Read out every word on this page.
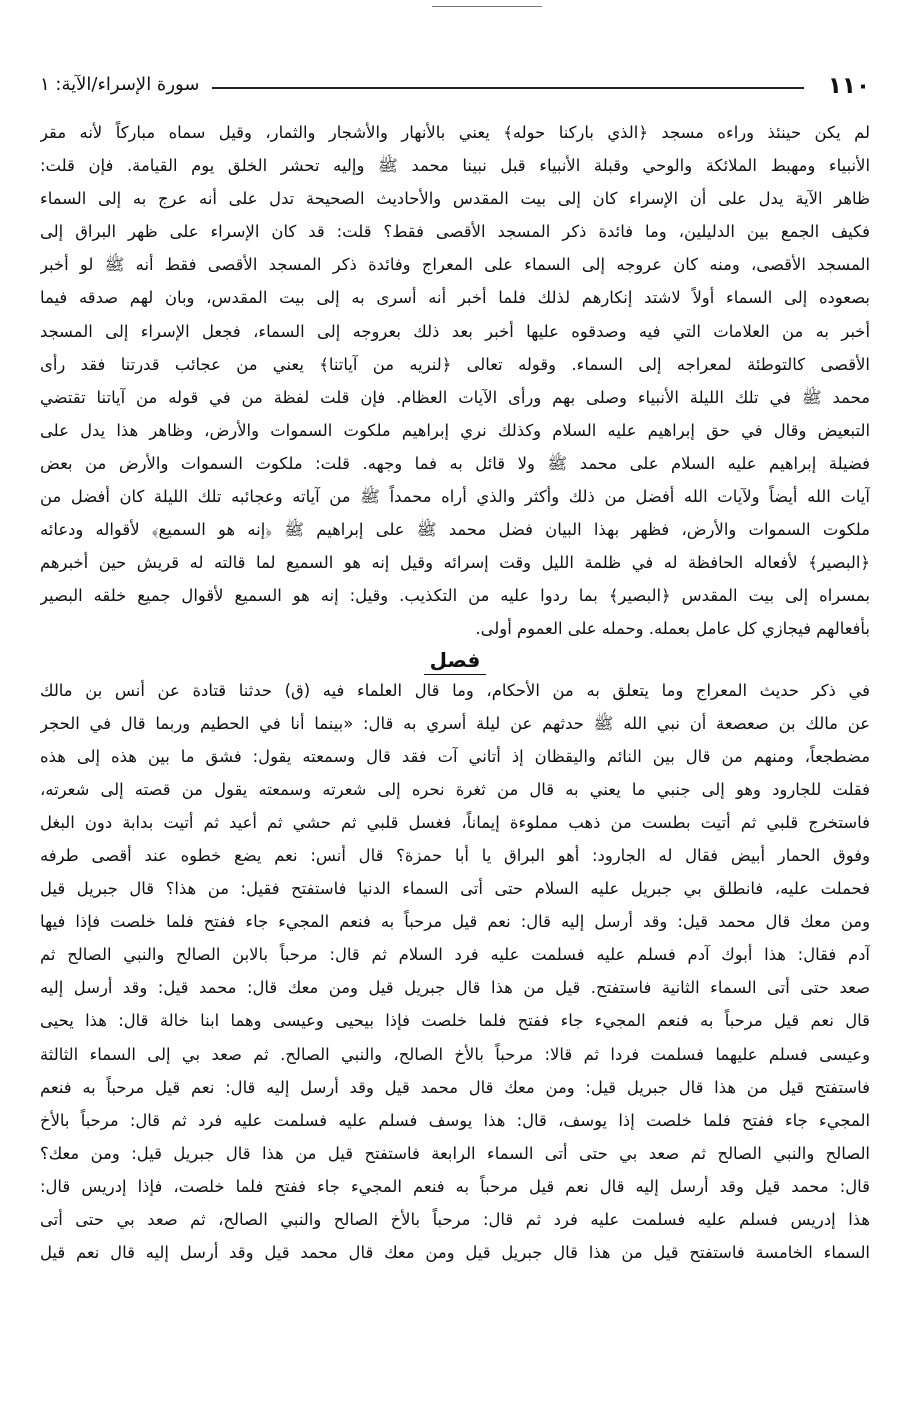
١١٠
سورة الإسراء/الآية: ١
لم يكن حينئذ وراءه مسجد ﴿الذي باركنا حوله﴾ يعني بالأنهار والأشجار والثمار، وقيل سماه مباركاً لأنه مقر
الأنبياء ومهبط الملائكة والوحي وقبلة الأنبياء قبل نبينا محمد ﷺ وإليه تحشر الخلق يوم القيامة. فإن قلت:
ظاهر الآية يدل على أن الإسراء كان إلى بيت المقدس والأحاديث الصحيحة تدل على أنه عرج به إلى السماء
فكيف الجمع بين الدليلين، وما فائدة ذكر المسجد الأقصى فقط؟ قلت: قد كان الإسراء على ظهر البراق إلى
المسجد الأقصى، ومنه كان عروجه إلى السماء على المعراج وفائدة ذكر المسجد الأقصى فقط أنه ﷺ لو أخبر
بصعوده إلى السماء أولاً لاشتد إنكارهم لذلك فلما أخبر أنه أسرى به إلى بيت المقدس، وبان لهم صدقه فيما
أخبر به من العلامات التي فيه وصدقوه عليها أخبر بعد ذلك بعروجه إلى السماء، فجعل الإسراء إلى المسجد
الأقصى كالتوطئة لمعراجه إلى السماء. وقوله تعالى ﴿لنريه من آياتنا﴾ يعني من عجائب قدرتنا فقد رأى
محمد ﷺ في تلك الليلة الأنبياء وصلى بهم ورأى الآيات العظام. فإن قلت لفظة من في قوله من آياتنا تقتضي
التبعيض وقال في حق إبراهيم عليه السلام وكذلك نري إبراهيم ملكوت السموات والأرض، وظاهر هذا يدل على
فضيلة إبراهيم عليه السلام على محمد ﷺ ولا قائل به فما وجهه. قلت: ملكوت السموات والأرض من بعض
آيات الله أيضاً ولآيات الله أفضل من ذلك وأكثر والذي أراه محمداً ﷺ من آياته وعجائبه تلك الليلة كان أفضل من
ملكوت السموات والأرض، فظهر بهذا البيان فضل محمد ﷺ على إبراهيم ﷺ ﴿إنه هو السميع﴾ لأقواله ودعائه
﴿البصير﴾ لأفعاله الحافظة له في ظلمة الليل وقت إسرائه وقيل إنه هو السميع لما قالته له قريش حين أخبرهم
بمسراه إلى بيت المقدس ﴿البصير﴾ بما ردوا عليه من التكذيب. وقيل: إنه هو السميع لأقوال جميع خلقه البصير
بأفعالهم فيجازي كل عامل بعمله. وحمله على العموم أولى.
فصل
في ذكر حديث المعراج وما يتعلق به من الأحكام، وما قال العلماء فيه (ق) حدثنا قتادة عن أنس بن مالك
عن مالك بن صعصعة أن نبي الله ﷺ حدثهم عن ليلة أسري به قال: «بينما أنا في الحطيم وربما قال في الحجر
مضطجعاً، ومنهم من قال بين النائم واليقظان إذ أتاني آت فقد قال وسمعته يقول: فشق ما بين هذه إلى هذه
فقلت للجارود وهو إلى جنبي ما يعني به قال من ثغرة نحره إلى شعرته وسمعته يقول من قصته إلى شعرته،
فاستخرج قلبي ثم أتيت بطست من ذهب مملوءة إيماناً، فغسل قلبي ثم حشي ثم أعيد ثم أتيت بدابة دون البغل
وفوق الحمار أبيض فقال له الجارود: أهو البراق يا أبا حمزة؟ قال أنس: نعم يضع خطوه عند أقصى طرفه
فحملت عليه، فانطلق بي جبريل عليه السلام حتى أتى السماء الدنيا فاستفتح فقيل: من هذا؟ قال جبريل قيل
ومن معك قال محمد قيل: وقد أرسل إليه قال: نعم قيل مرحباً به فنعم المجيء جاء ففتح فلما خلصت فإذا فيها
آدم فقال: هذا أبوك آدم فسلم عليه فسلمت عليه فرد السلام ثم قال: مرحباً بالابن الصالح والنبي الصالح ثم
صعد حتى أتى السماء الثانية فاستفتح. قيل من هذا قال جبريل قيل ومن معك قال: محمد قيل: وقد أرسل إليه
قال نعم قيل مرحباً به فنعم المجيء جاء ففتح فلما خلصت فإذا بيحيى وعيسى وهما ابنا خالة قال: هذا يحيى
وعيسى فسلم عليهما فسلمت فردا ثم قالا: مرحباً بالأخ الصالح، والنبي الصالح. ثم صعد بي إلى السماء الثالثة
فاستفتح قيل من هذا قال جبريل قيل: ومن معك قال محمد قيل وقد أرسل إليه قال: نعم قيل مرحباً به فنعم
المجيء جاء ففتح فلما خلصت إذا يوسف، قال: هذا يوسف فسلم عليه فسلمت عليه فرد ثم قال: مرحباً بالأخ
الصالح والنبي الصالح ثم صعد بي حتى أتى السماء الرابعة فاستفتح قيل من هذا قال جبريل قيل: ومن معك؟
قال: محمد قيل وقد أرسل إليه قال نعم قيل مرحباً به فنعم المجيء جاء ففتح فلما خلصت، فإذا إدريس قال:
هذا إدريس فسلم عليه فسلمت عليه فرد ثم قال: مرحباً بالأخ الصالح والنبي الصالح، ثم صعد بي حتى أتى
السماء الخامسة فاستفتح قيل من هذا قال جبريل قيل ومن معك قال محمد قيل وقد أرسل إليه قال نعم قيل
